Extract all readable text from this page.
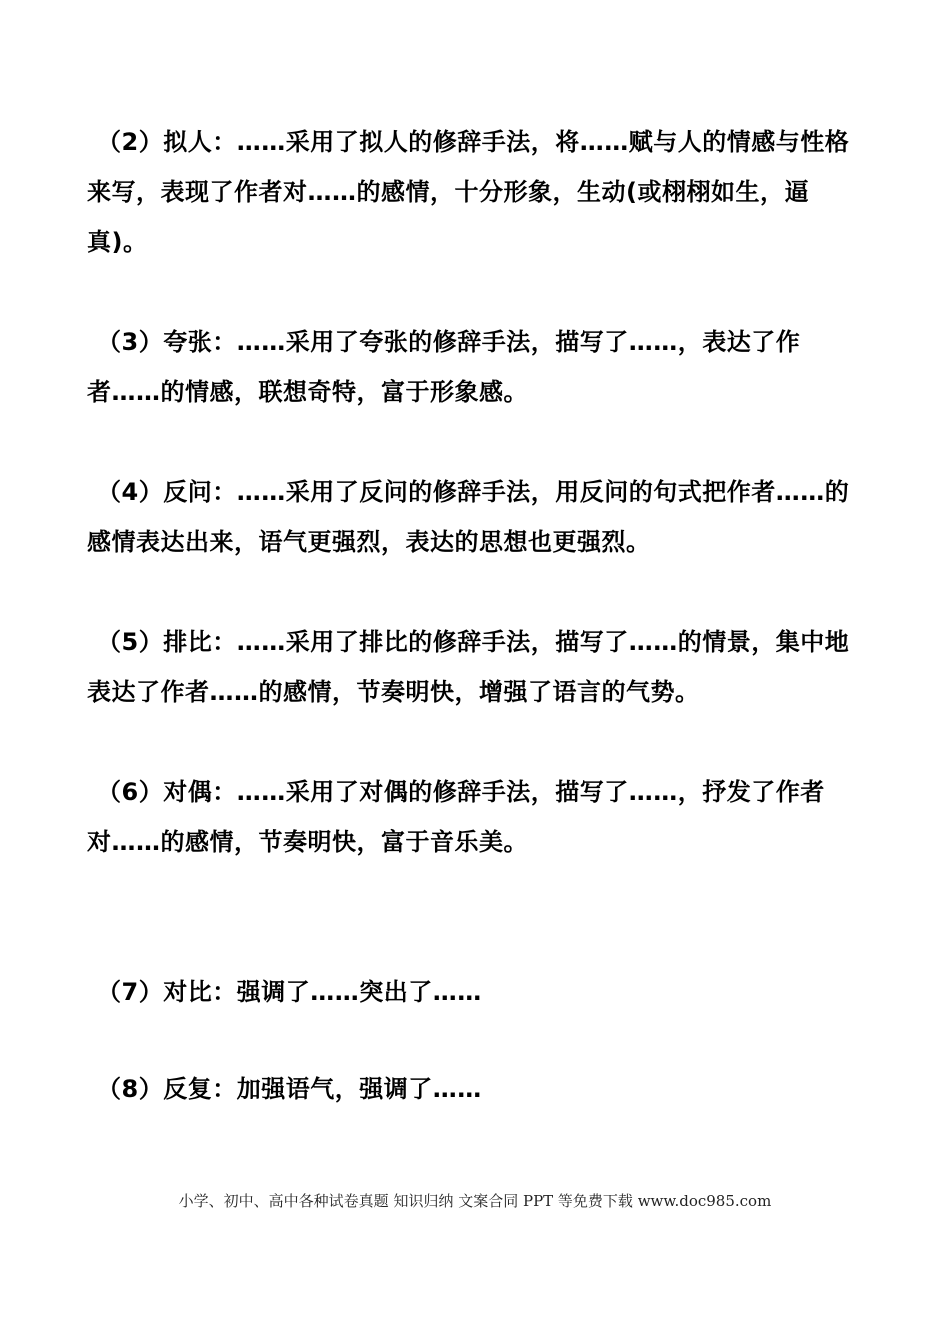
（2）拟人：……采用了拟人的修辞手法，将……赋与人的情感与性格来写，表现了作者对……的感情，十分形象，生动(或栩栩如生，逼真)。

（3）夸张：……采用了夸张的修辞手法，描写了……，表达了作者……的情感，联想奇特，富于形象感。

（4）反问：……采用了反问的修辞手法，用反问的句式把作者……的感情表达出来，语气更强烈，表达的思想也更强烈。

（5）排比：……采用了排比的修辞手法，描写了……的情景，集中地表达了作者……的感情，节奏明快，增强了语言的气势。

（6）对偶：……采用了对偶的修辞手法，描写了……，抒发了作者对……的感情，节奏明快，富于音乐美。

（7）对比：强调了……突出了……

（8）反复：加强语气，强调了……

小学、初中、高中各种试卷真题 知识归纳 文案合同 PPT 等免费下载 www.doc985.com
